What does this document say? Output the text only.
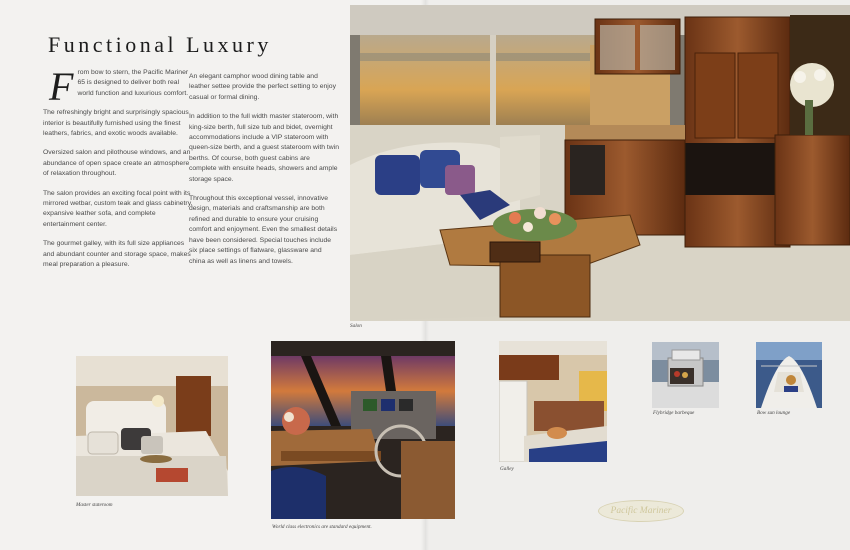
Functional Luxury

From bow to stern, the Pacific Mariner 65 is designed to deliver both real world function and luxurious comfort.

The refreshingly bright and surprisingly spacious interior is beautifully furnished using the finest leathers, fabrics, and exotic woods available.

Oversized salon and pilothouse windows, and an abundance of open space create an atmosphere of relaxation throughout.

The salon provides an exciting focal point with its mirrored wetbar, custom teak and glass cabinetry, expansive leather sofa, and complete entertainment center.

The gourmet galley, with its full size appliances and abundant counter and storage space, makes meal preparation a pleasure.

An elegant camphor wood dining table and leather settee provide the perfect setting to enjoy casual or formal dining.

In addition to the full width master stateroom, with king-size berth, full size tub and bidet, overnight accommodations include a VIP stateroom with queen-size berth, and a guest stateroom with twin berths. Of course, both guest cabins are complete with ensuite heads, showers and ample storage space.

Throughout this exceptional vessel, innovative design, materials and craftsmanship are both refined and durable to ensure your cruising comfort and enjoyment. Even the smallest details have been considered. Special touches include six place settings of flatware, glassware and china as well as linens and towels.

Salon
Master stateroom
World class electronics are standard equipment.
Galley
Flybridge barbeque	Bow sun lounge
Pacific Mariner
